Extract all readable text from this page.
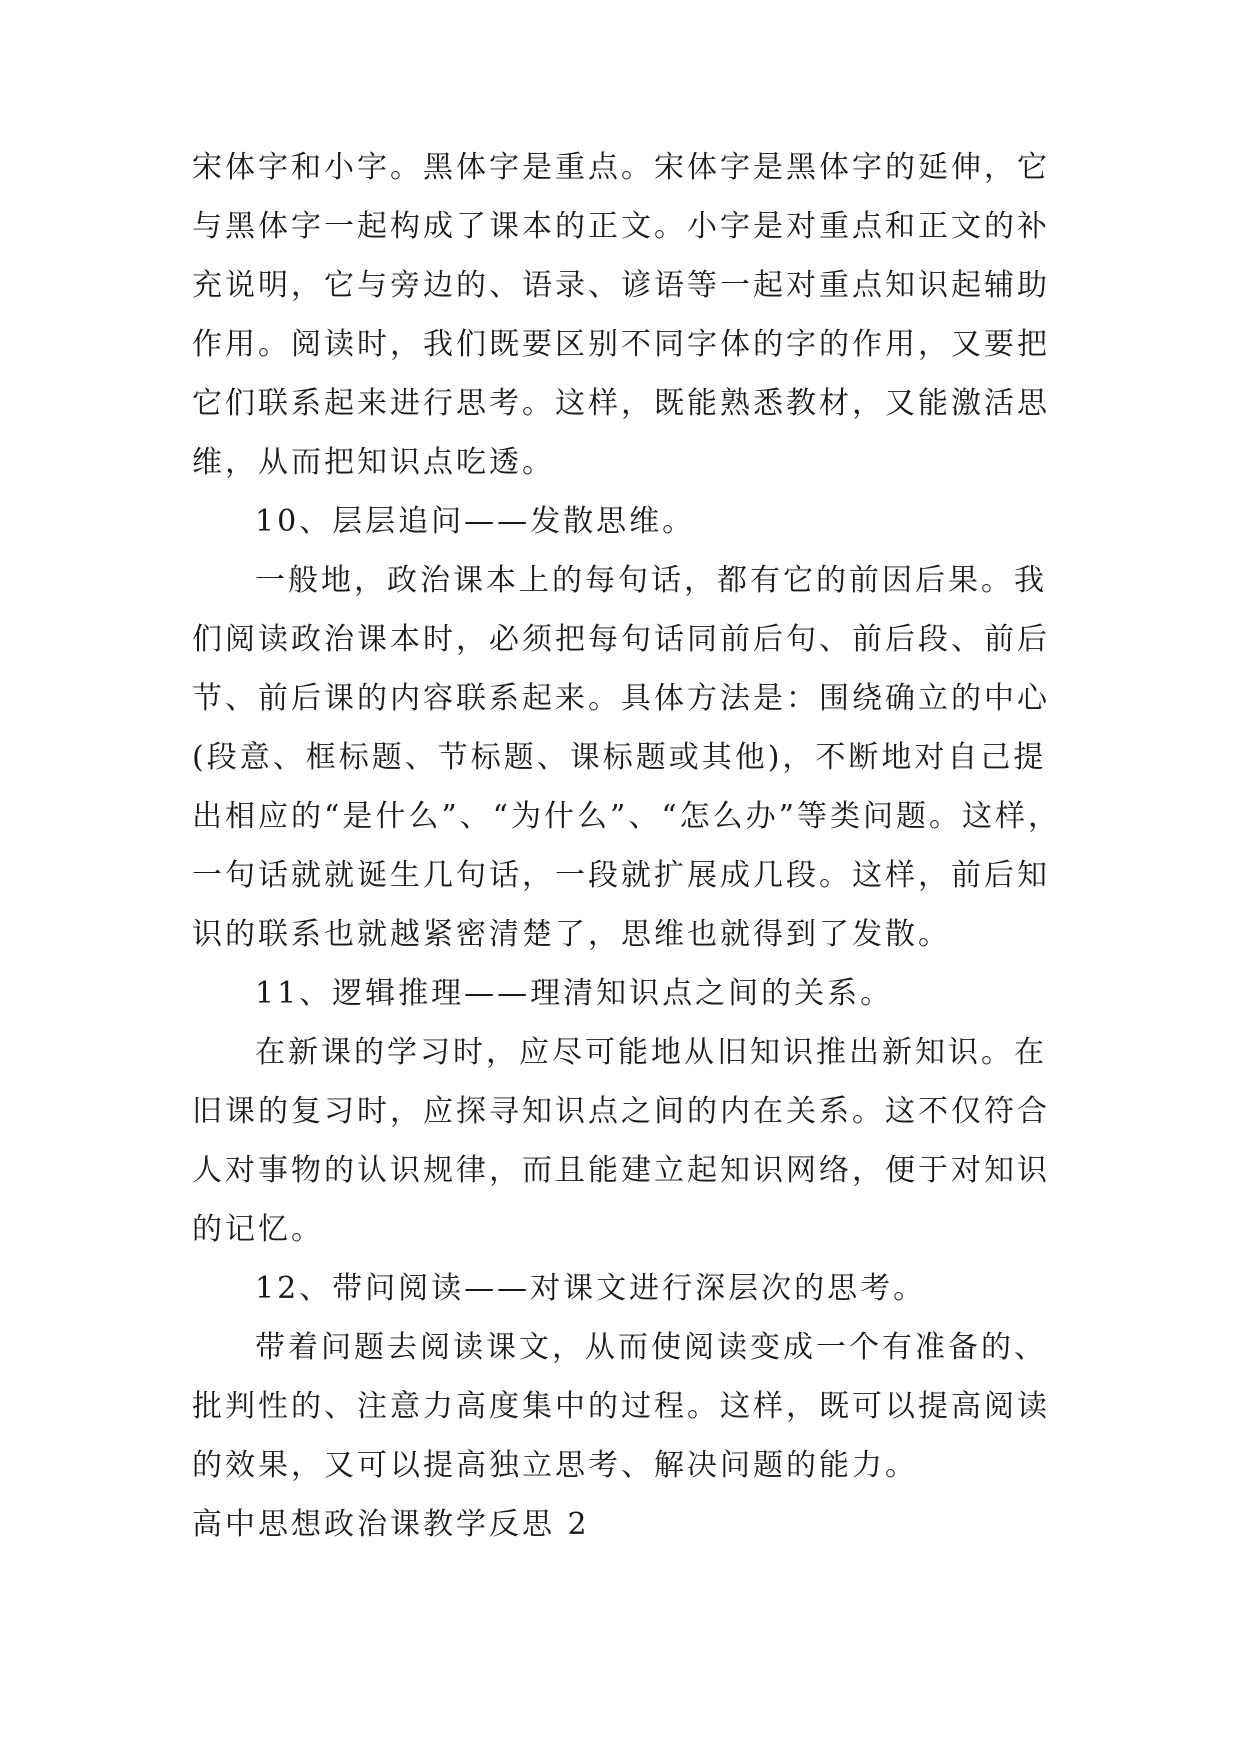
宋体字和小字。黑体字是重点。宋体字是黑体字的延伸，它
与黑体字一起构成了课本的正文。小字是对重点和正文的补
充说明，它与旁边的、语录、谚语等一起对重点知识起辅助
作用。阅读时，我们既要区别不同字体的字的作用，又要把
它们联系起来进行思考。这样，既能熟悉教材，又能激活思
维，从而把知识点吃透。
10、层层追问——发散思维。
一般地，政治课本上的每句话，都有它的前因后果。我
们阅读政治课本时，必须把每句话同前后句、前后段、前后
节、前后课的内容联系起来。具体方法是：围绕确立的中心
(段意、框标题、节标题、课标题或其他)，不断地对自己提
出相应的“是什么”、“为什么”、“怎么办”等类问题。这样，
一句话就就诞生几句话，一段就扩展成几段。这样，前后知
识的联系也就越紧密清楚了，思维也就得到了发散。
11、逻辑推理——理清知识点之间的关系。
在新课的学习时，应尽可能地从旧知识推出新知识。在
旧课的复习时，应探寻知识点之间的内在关系。这不仅符合
人对事物的认识规律，而且能建立起知识网络，便于对知识
的记忆。
12、带问阅读——对课文进行深层次的思考。
带着问题去阅读课文，从而使阅读变成一个有准备的、
批判性的、注意力高度集中的过程。这样，既可以提高阅读
的效果，又可以提高独立思考、解决问题的能力。
高中思想政治课教学反思 2
